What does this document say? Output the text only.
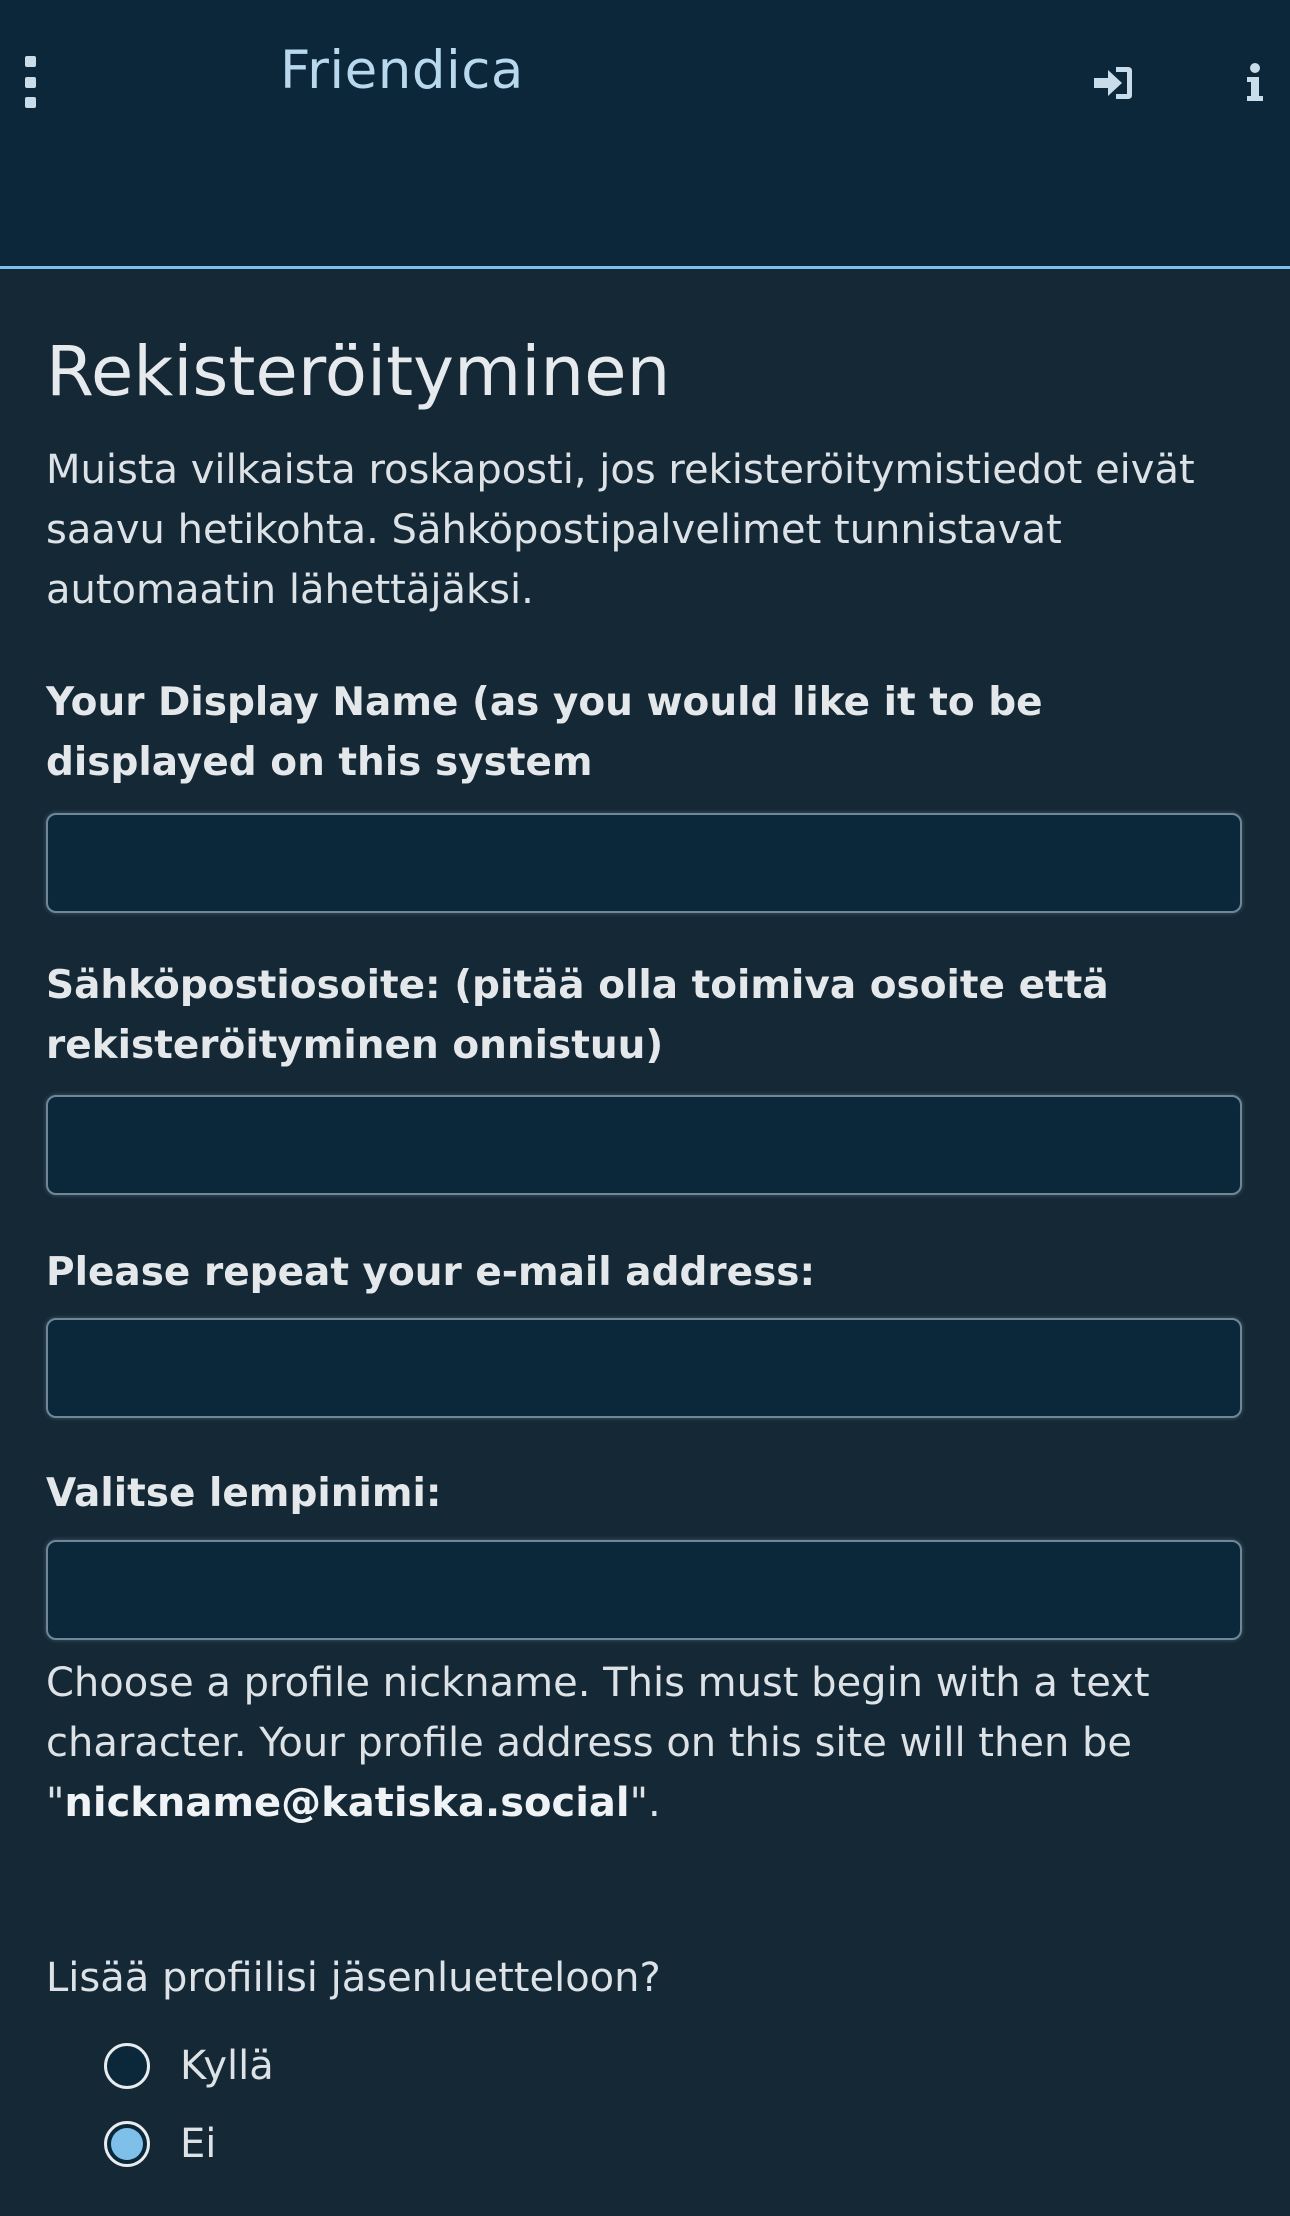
Friendica
Rekisteröityminen
Muista vilkaista roskaposti, jos rekisteröitymistiedot eivät saavu hetikohta. Sähköpostipalvelimet tunnistavat automaatin lähettäjäksi.
Your Display Name (as you would like it to be displayed on this system
Sähköpostiosoite: (pitää olla toimiva osoite että rekisteröityminen onnistuu)
Please repeat your e-mail address:
Valitse lempinimi:
Choose a profile nickname. This must begin with a text character. Your profile address on this site will then be "nickname@katiska.social".
Lisää profiilisi jäsenluetteloon?
Kyllä
Ei
